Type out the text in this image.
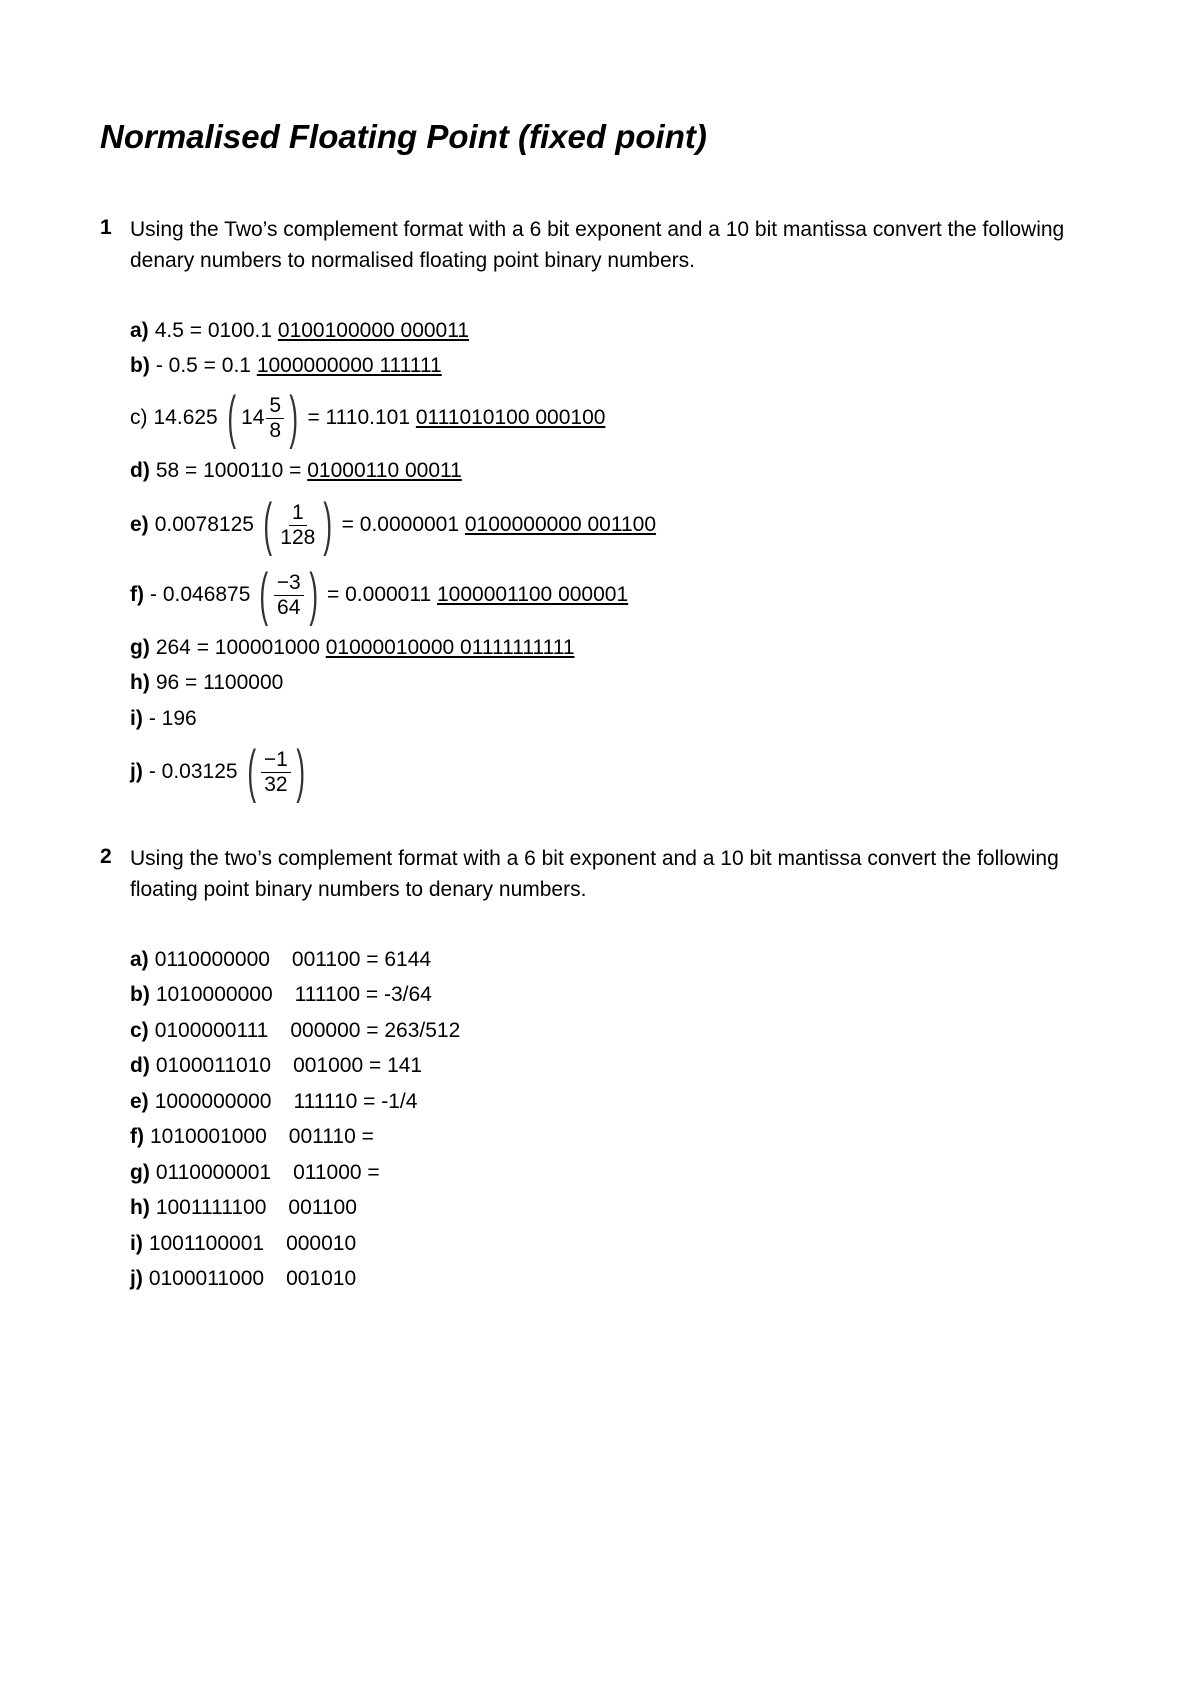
Normalised Floating Point (fixed point)
1 Using the Two’s complement format with a 6 bit exponent and a 10 bit mantissa convert the following denary numbers to normalised floating point binary numbers.
a) 4.5 = 0100.1 0100100000 000011
b) - 0.5 = 0.1 1000000000 111111
c) 14.625 ( $14 \frac{5}{8}$ ) = 1110.101 0111010100 000100
d) 58 = 1000110 = 01000110 00011
e) 0.0078125 ( $\frac{1}{128}$ ) = 0.0000001 0100000000 001100
f) - 0.046875 ( $\frac{-3}{64}$ ) = 0.000011 1000001100 000001
g) 264 = 100001000 01000010000 01111111111
h) 96 = 1100000
i) - 196
j) - 0.03125 ( $\frac{-1}{32}$ )
2 Using the two’s complement format with a 6 bit exponent and a 10 bit mantissa convert the following floating point binary numbers to denary numbers.
a) 0110000000 001100 = 6144
b) 1010000000 111100 = -3/64
c) 0100000111 000000 = 263/512
d) 0100011010 001000 = 141
e) 1000000000 111110 = -1/4
f) 1010001000 001110 =
g) 0110000001 011000 =
h) 1001111100 001100
i) 1001100001 000010
j) 0100011000 001010
